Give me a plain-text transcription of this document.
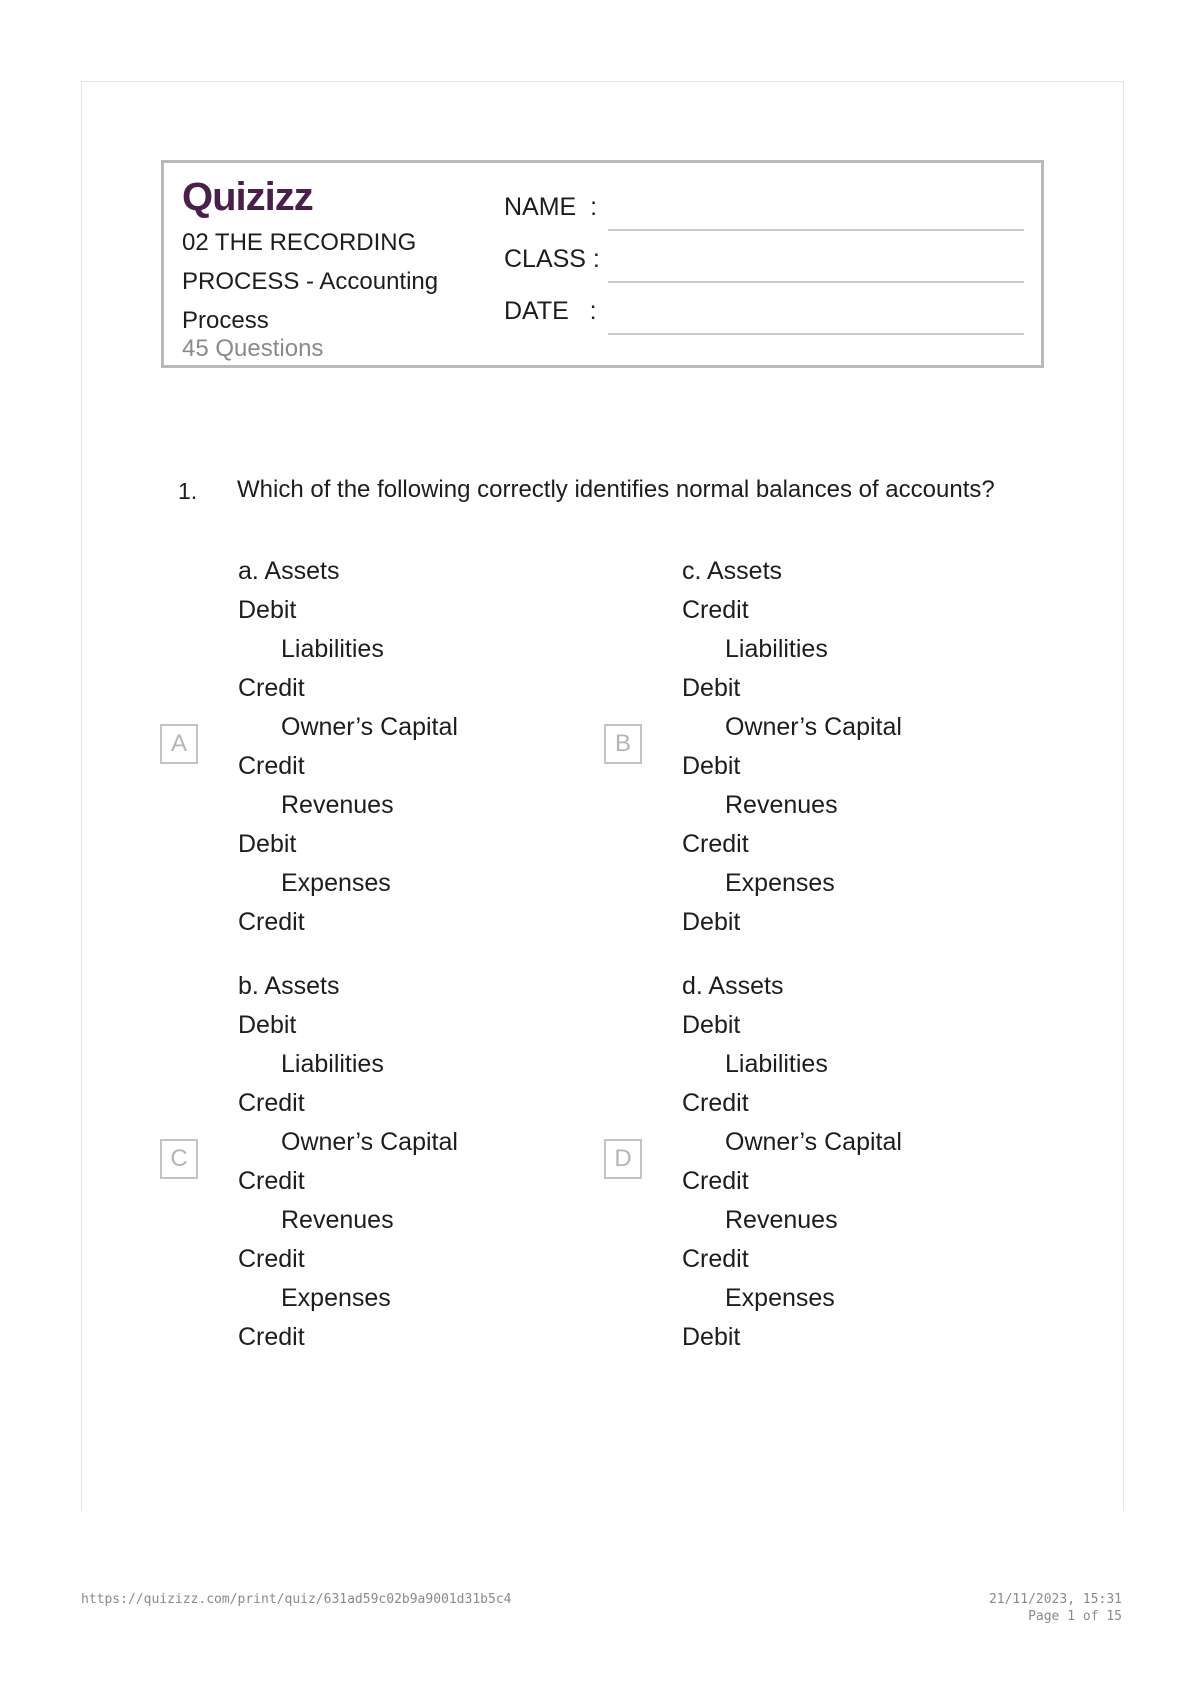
Quizizz
02 THE RECORDING
PROCESS - Accounting
Process
45 Questions
NAME  :
CLASS :
DATE   :
1. Which of the following correctly identifies normal balances of accounts?
A	B
C	D
a. Assets
Debit
Liabilities
Credit
Owner’s Capital
Credit
Revenues
Debit
Expenses
Credit
c. Assets
Credit
Liabilities
Debit
Owner’s Capital
Debit
Revenues
Credit
Expenses
Debit
b. Assets
Debit
Liabilities
Credit
Owner’s Capital
Credit
Revenues
Credit
Expenses
Credit
d. Assets
Debit
Liabilities
Credit
Owner’s Capital
Credit
Revenues
Credit
Expenses
Debit
https://quizizz.com/print/quiz/631ad59c02b9a9001d31b5c4	21/11/2023, 15:31
Page 1 of 15
